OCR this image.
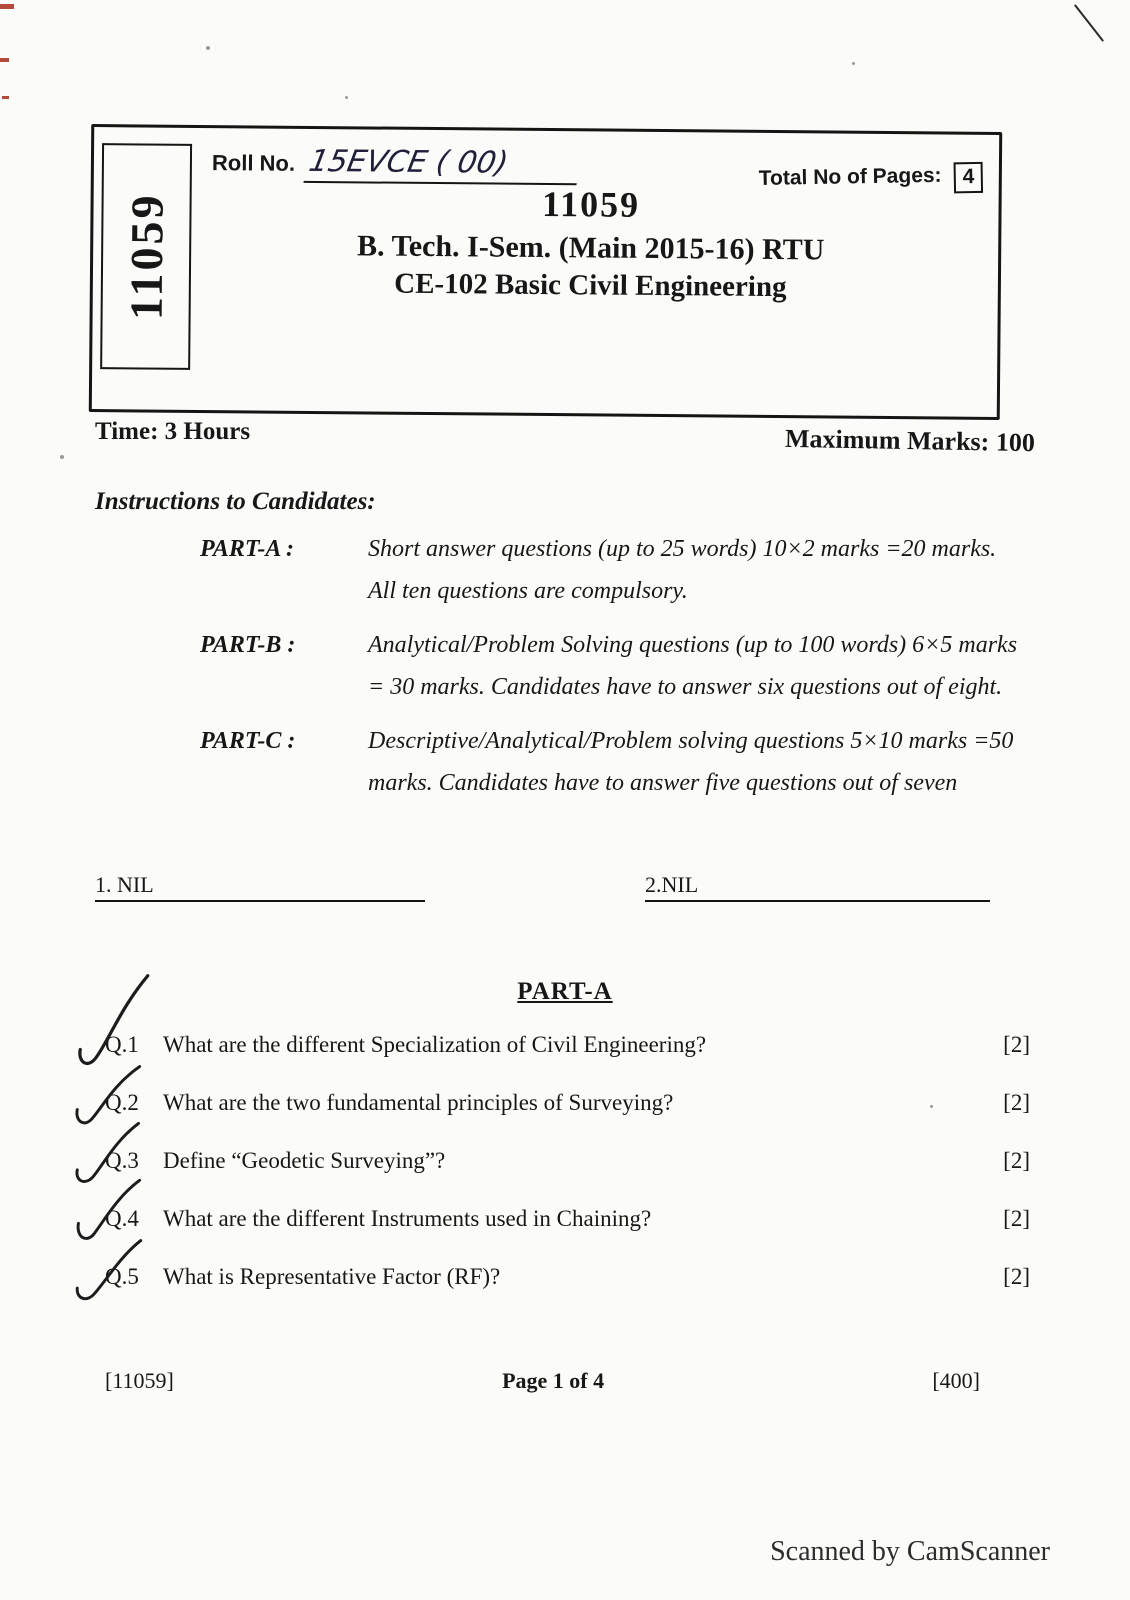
11059
Roll No. 15EVCE ( 00)	Total No of Pages: 4
11059
B. Tech. I-Sem. (Main 2015-16) RTU
CE-102 Basic Civil Engineering
Time: 3 Hours	Maximum Marks: 100
Instructions to Candidates:
PART-A :	Short answer questions (up to 25 words) 10×2 marks =20 marks. All ten questions are compulsory.
PART-B :	Analytical/Problem Solving questions (up to 100 words) 6×5 marks = 30 marks. Candidates have to answer six questions out of eight.
PART-C :	Descriptive/Analytical/Problem solving questions 5×10 marks =50 marks. Candidates have to answer five questions out of seven
1. NIL	2.NIL
PART-A
Q.1	What are the different Specialization of Civil Engineering?	[2]
Q.2	What are the two fundamental principles of Surveying?	[2]
Q.3	Define “Geodetic Surveying”?	[2]
Q.4	What are the different Instruments used in Chaining?	[2]
Q.5	What is Representative Factor (RF)?	[2]
[11059]	Page 1 of 4	[400]
Scanned by CamScanner
